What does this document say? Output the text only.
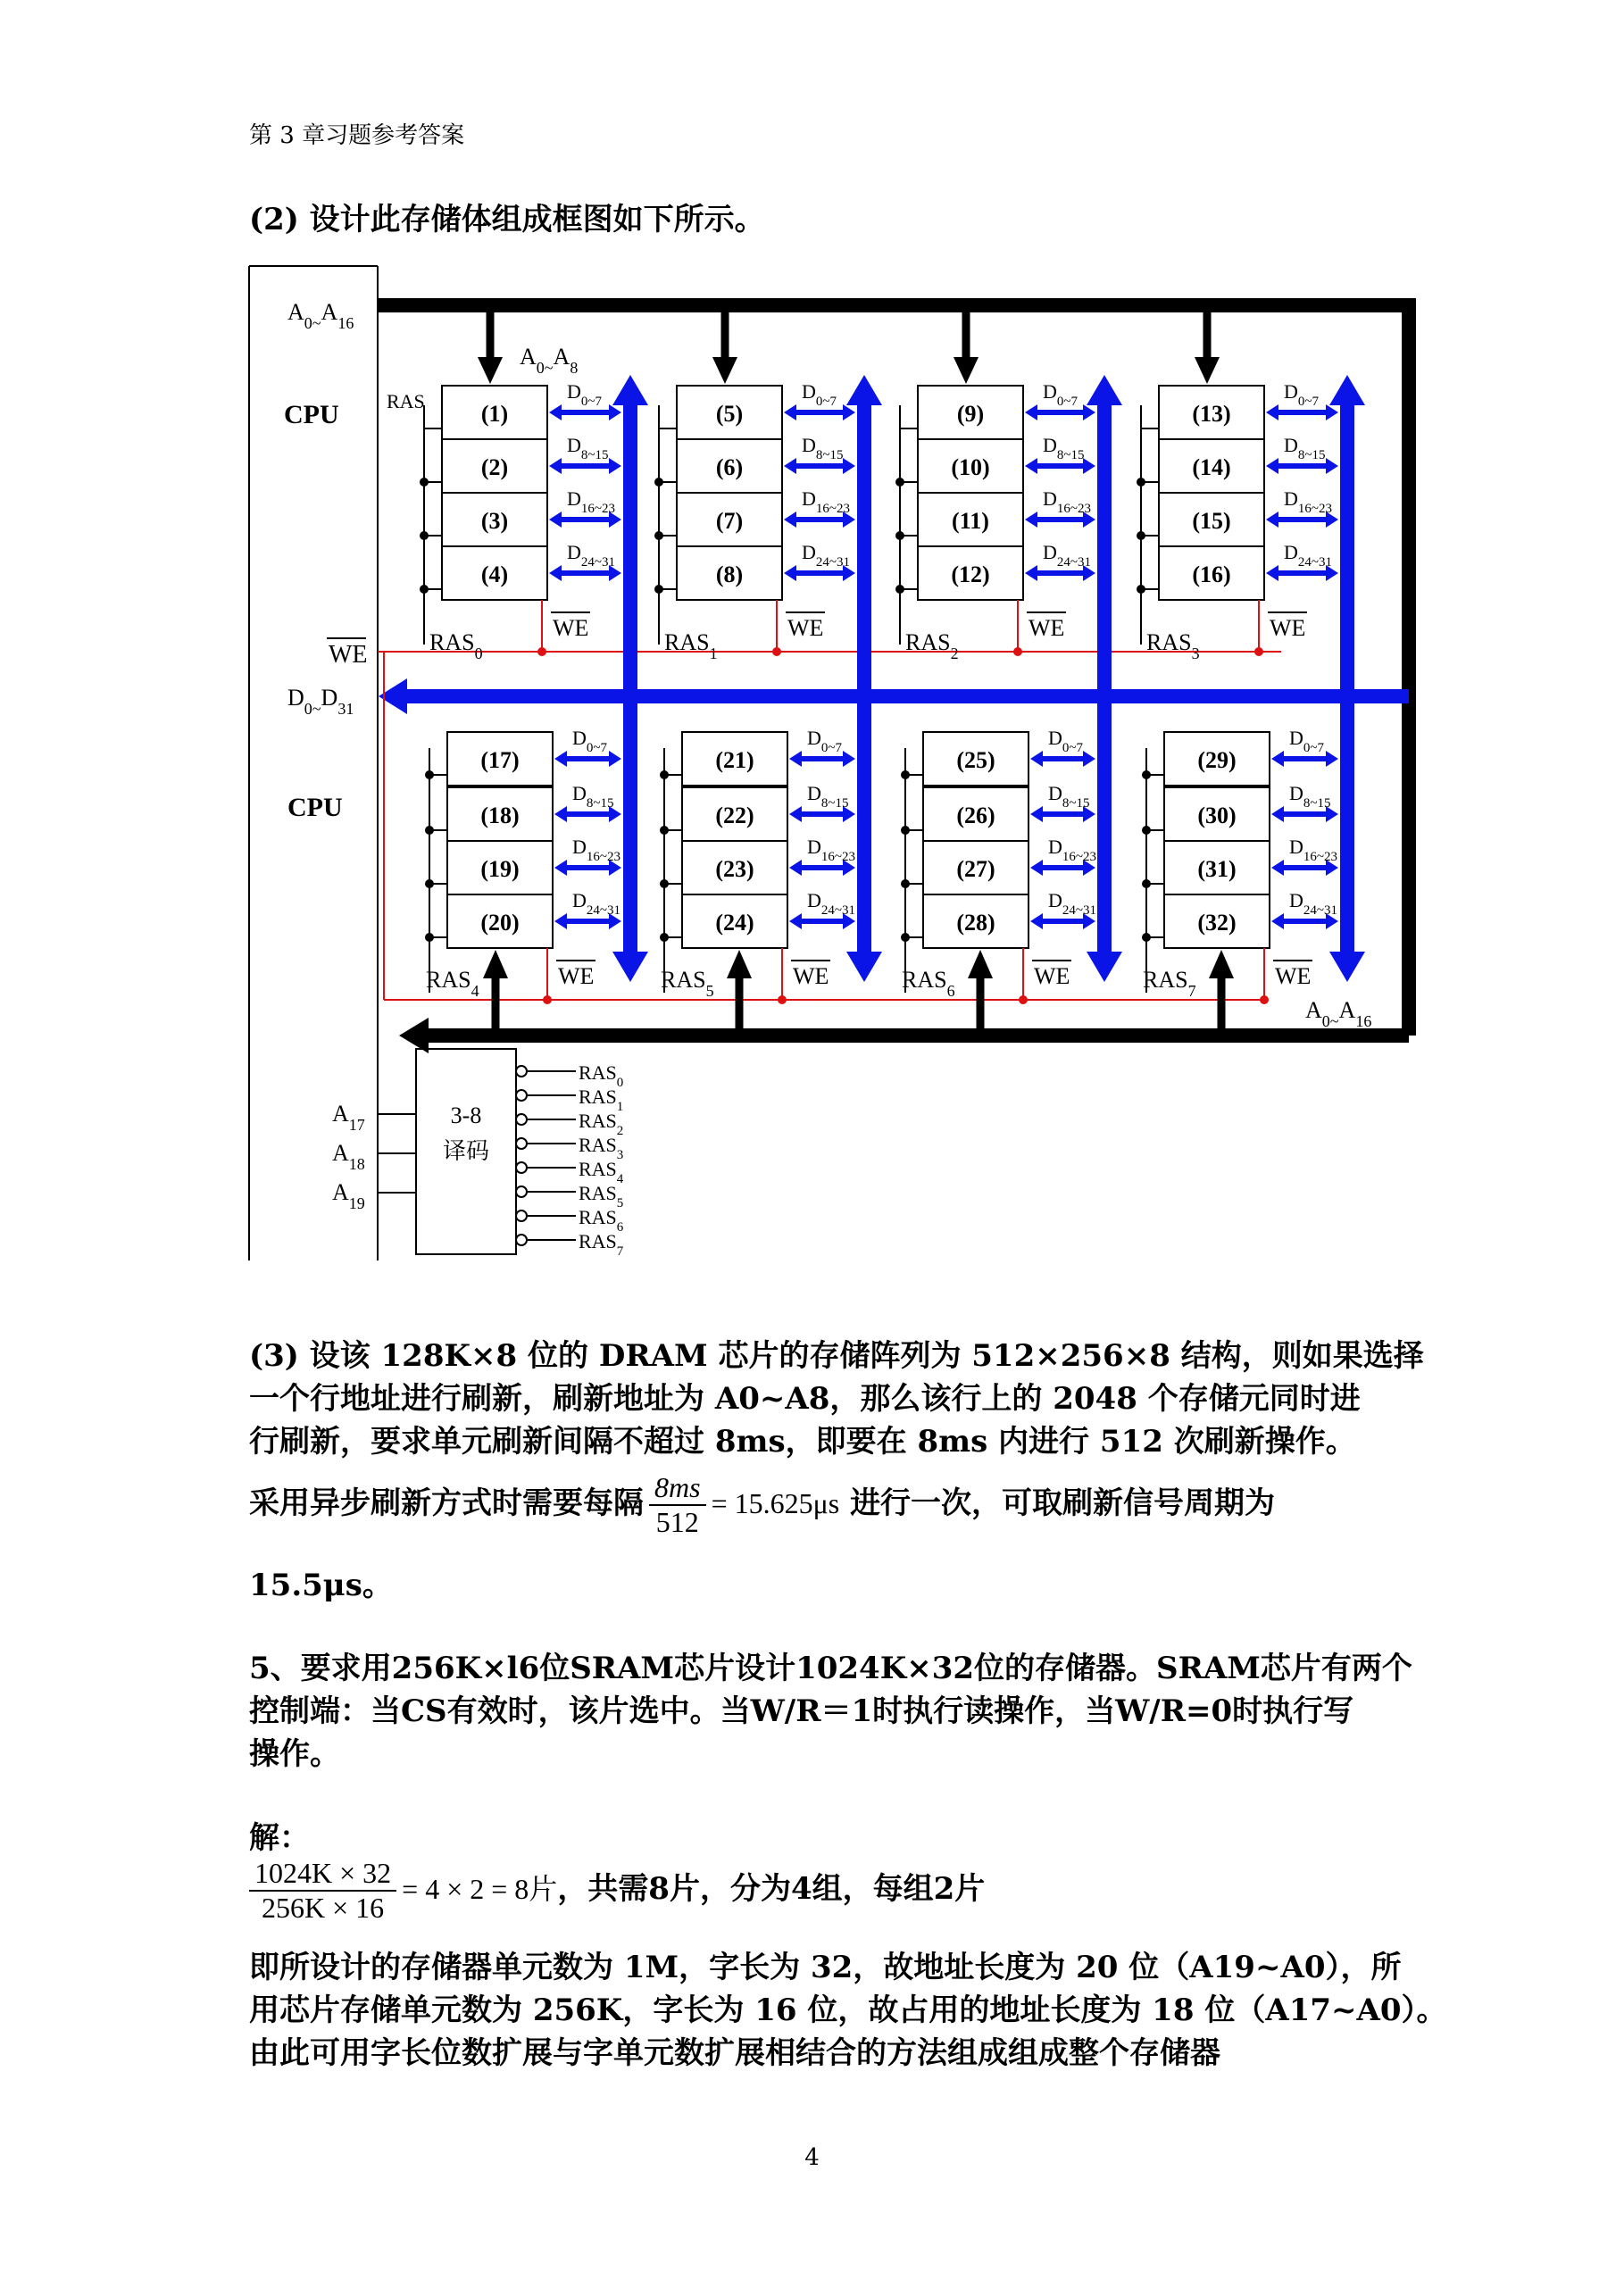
第 3 章习题参考答案
(2) 设计此存储体组成框图如下所示。
CPU
CPU
$A_{0\sim}A_{16}$
$A_{0\sim}A_8$
RAS
$A_{0\sim}A_{16}$
$D_{0\sim}D_{31}$
WE
(1)
$D_{0\sim 7}$
(2)
$D_{8\sim 15}$
(3)
$D_{16\sim 23}$
(4)
$D_{24\sim 31}$
WE
$RAS_0$
(17)
$D_{0\sim 7}$
(18)
$D_{8\sim 15}$
(19)
$D_{16\sim 23}$
(20)
$D_{24\sim 31}$
WE
$RAS_4$
(5)
$D_{0\sim 7}$
(6)
$D_{8\sim 15}$
(7)
$D_{16\sim 23}$
(8)
$D_{24\sim 31}$
WE
$RAS_1$
(21)
$D_{0\sim 7}$
(22)
$D_{8\sim 15}$
(23)
$D_{16\sim 23}$
(24)
$D_{24\sim 31}$
WE
$RAS_5$
(9)
$D_{0\sim 7}$
(10)
$D_{8\sim 15}$
(11)
$D_{16\sim 23}$
(12)
$D_{24\sim 31}$
WE
$RAS_2$
(25)
$D_{0\sim 7}$
(26)
$D_{8\sim 15}$
(27)
$D_{16\sim 23}$
(28)
$D_{24\sim 31}$
WE
$RAS_6$
(13)
$D_{0\sim 7}$
(14)
$D_{8\sim 15}$
(15)
$D_{16\sim 23}$
(16)
$D_{24\sim 31}$
WE
$RAS_3$
(29)
$D_{0\sim 7}$
(30)
$D_{8\sim 15}$
(31)
$D_{16\sim 23}$
(32)
$D_{24\sim 31}$
WE
$RAS_7$
3-8
译码
$A_{17}$
$A_{18}$
$A_{19}$
$RAS_0$
$RAS_1$
$RAS_2$
$RAS_3$
$RAS_4$
$RAS_5$
$RAS_6$
$RAS_7$
(3) 设该 128K×8 位的 DRAM 芯片的存储阵列为 512×256×8 结构，则如果选择
一个行地址进行刷新，刷新地址为 A0~A8，那么该行上的 2048 个存储元同时进
行刷新，要求单元刷新间隔不超过 8ms，即要在 8ms 内进行 512 次刷新操作。
采用异步刷新方式时需要每隔 $\frac{8ms}{512} = 15.625\mu s$ 进行一次，可取刷新信号周期为
15.5μs。
5、要求用256K×l6位SRAM芯片设计1024K×32位的存储器。SRAM芯片有两个
控制端：当CS有效时，该片选中。当W/R＝1时执行读操作，当W/R=0时执行写
操作。
解：
$\frac{1024K \times 32}{256K \times 16} = 4 \times 2 = 8$片，共需8片，分为4组，每组2片
即所设计的存储器单元数为 1M，字长为 32，故地址长度为 20 位（A19~A0），所
用芯片存储单元数为 256K，字长为 16 位，故占用的地址长度为 18 位（A17~A0）。
由此可用字长位数扩展与字单元数扩展相结合的方法组成组成整个存储器
4
